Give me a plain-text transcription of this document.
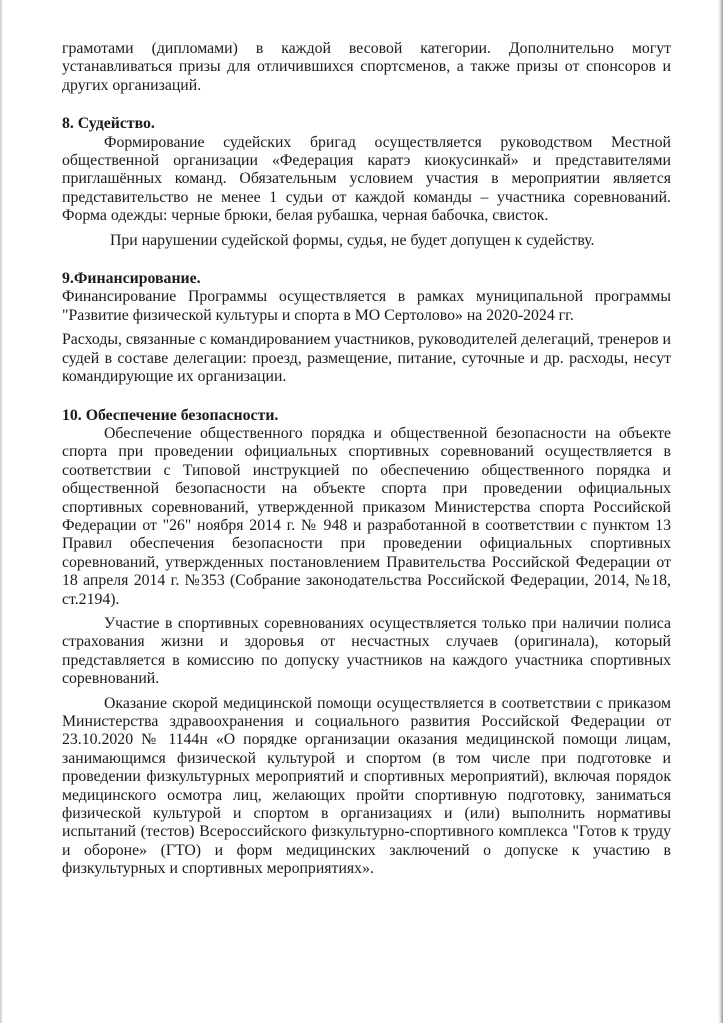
грамотами (дипломами) в каждой весовой категории. Дополнительно могут устанавливаться призы для отличившихся спортсменов, а также призы от спонсоров и других организаций.

8. Судейство.

Формирование судейских бригад осуществляется руководством Местной общественной организации «Федерация каратэ киокусинкай» и представителями приглашённых команд. Обязательным условием участия в мероприятии является представительство не менее 1 судьи от каждой команды – участника соревнований. Форма одежды: черные брюки, белая рубашка, черная бабочка, свисток.

При нарушении судейской формы, судья, не будет допущен к судейству.

9.Финансирование.

Финансирование Программы осуществляется в рамках муниципальной программы "Развитие физической культуры и спорта в МО Сертолово» на 2020-2024 гг.

Расходы, связанные с командированием участников, руководителей делегаций, тренеров и судей в составе делегации: проезд, размещение, питание, суточные и др. расходы, несут командирующие их организации.

10. Обеспечение безопасности.

Обеспечение общественного порядка и общественной безопасности на объекте спорта при проведении официальных спортивных соревнований осуществляется в соответствии с Типовой инструкцией по обеспечению общественного порядка и общественной безопасности на объекте спорта при проведении официальных спортивных соревнований, утвержденной приказом Министерства спорта Российской Федерации от "26" ноября 2014 г. № 948 и разработанной в соответствии с пунктом 13 Правил обеспечения безопасности при проведении официальных спортивных соревнований, утвержденных постановлением Правительства Российской Федерации от 18 апреля 2014 г. №353 (Собрание законодательства Российской Федерации, 2014, №18, ст.2194).

Участие в спортивных соревнованиях осуществляется только при наличии полиса страхования жизни и здоровья от несчастных случаев (оригинала), который представляется в комиссию по допуску участников на каждого участника спортивных соревнований.

Оказание скорой медицинской помощи осуществляется в соответствии с приказом Министерства здравоохранения и социального развития Российской Федерации от 23.10.2020 № 1144н «О порядке организации оказания медицинской помощи лицам, занимающимся физической культурой и спортом (в том числе при подготовке и проведении физкультурных мероприятий и спортивных мероприятий), включая порядок медицинского осмотра лиц, желающих пройти спортивную подготовку, заниматься физической культурой и спортом в организациях и (или) выполнить нормативы испытаний (тестов) Всероссийского физкультурно-спортивного комплекса "Готов к труду и обороне» (ГТО) и форм медицинских заключений о допуске к участию в физкультурных и спортивных мероприятиях».
